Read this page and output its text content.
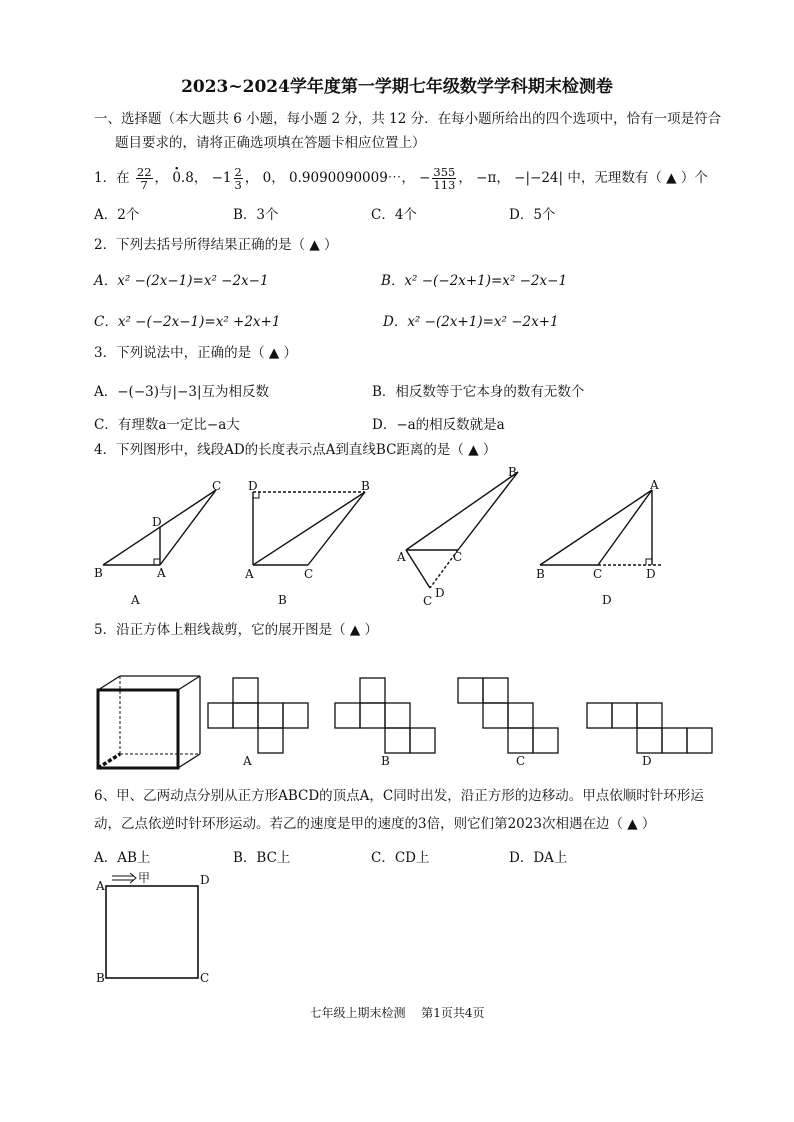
2023~2024学年度第一学期七年级数学学科期末检测卷
一、选择题（本大题共 6 小题，每小题 2 分，共 12 分．在每小题所给出的四个选项中，恰有一项是符合
题目要求的，请将正确选项填在答题卡相应位置上）
1．在 $\frac{22}{7}$ ， · 0.8， $-1 \frac{2}{3}$ ， 0， 0.9090090009⋯， − $\frac{355}{113}$ ， −π， −|−24| 中，无理数有（ ▲ ）个
A．2个	B．3个	C．4个	D．5个
2．下列去括号所得结果正确的是（ ▲ ）
A．x² −(2x−1)=x² −2x−1	B．x² −(−2x+1)=x² −2x−1
C．x² −(−2x−1)=x² +2x+1	D．x² −(2x+1)=x² −2x+1
3．下列说法中，正确的是（ ▲ ）
A．−(−3)与|−3|互为相反数	B．相反数等于它本身的数有无数个
C．有理数a一定比−a大	D．−a的相反数就是a
4．下列图形中，线段AD的长度表示点A到直线BC距离的是（ ▲ ）
B	A
D
C
A
A	C
D	B
B
A	C
B
D
C
B	C	D
A
D
5．沿正方体上粗线裁剪，它的展开图是（ ▲ ）
A	B	C	D
6、甲、乙两动点分别从正方形ABCD的顶点A，C同时出发，沿正方形的边移动。甲点依顺时针环形运
动，乙点依逆时针环形运动。若乙的速度是甲的速度的3倍，则它们第2023次相遇在边（ ▲ ）
A．AB上	B．BC上	C．CD上	D．DA上
A	D
B	C
甲
七年级上期末检测　 第1页共4页
